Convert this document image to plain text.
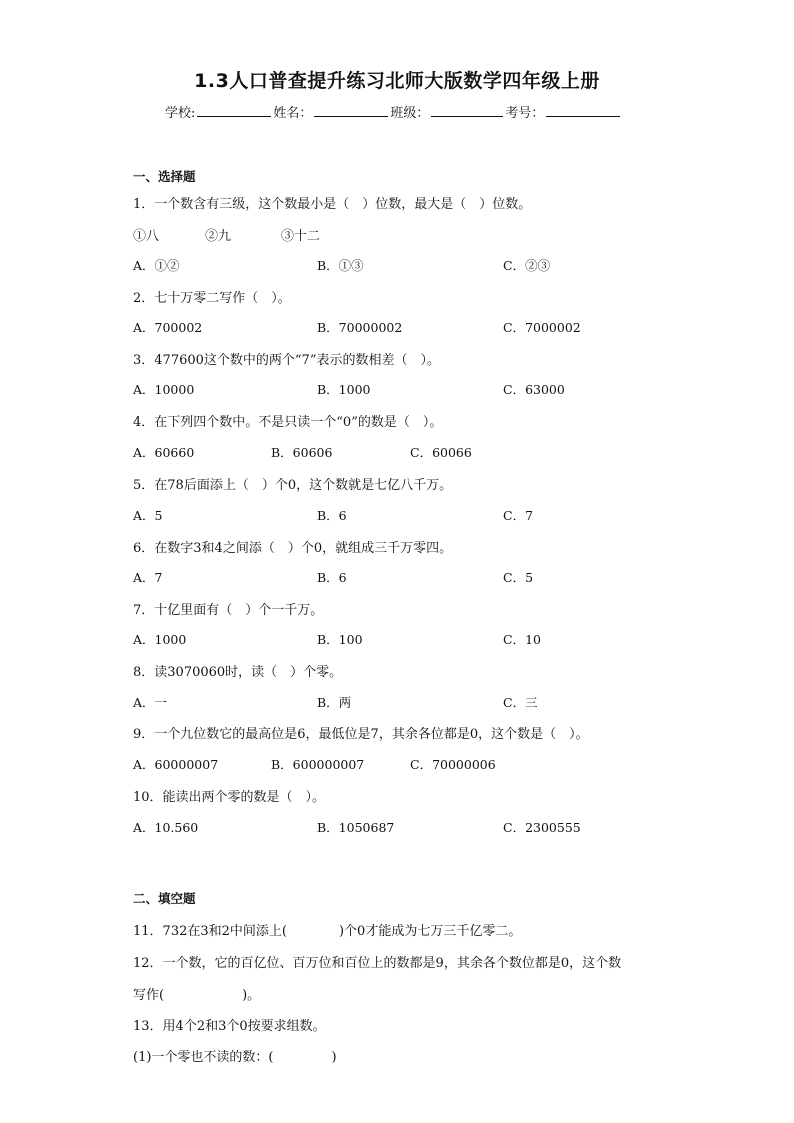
1.3人口普查提升练习北师大版数学四年级上册
学校:	姓名：	班级：	考号：
一、选择题
1．一个数含有三级，这个数最小是（　）位数，最大是（　）位数。
①八	②九	③十二
A．①②	B．①③	C．②③
2．七十万零二写作（　）。
A．700002	B．70000002	C．7000002
3．477600这个数中的两个“7”表示的数相差（　）。
A．10000	B．1000	C．63000
4．在下列四个数中。不是只读一个“0”的数是（　）。
A．60660	B．60606	C．60066
5．在78后面添上（　）个0，这个数就是七亿八千万。
A．5	B．6	C．7
6．在数字3和4之间添（　）个0，就组成三千万零四。
A．7	B．6	C．5
7．十亿里面有（　）个一千万。
A．1000	B．100	C．10
8．读3070060时，读（　）个零。
A．一	B．两	C．三
9．一个九位数它的最高位是6，最低位是7，其余各位都是0，这个数是（　）。
A．60000007	B．600000007	C．70000006
10．能读出两个零的数是（　）。
A．10.560	B．1050687	C．2300555
二、填空题
11．732在3和2中间添上(	)个0才能成为七万三千亿零二。
12．一个数，它的百亿位、百万位和百位上的数都是9，其余各个数位都是0，这个数
写作(	)。
13．用4个2和3个0按要求组数。
(1)一个零也不读的数：(	)
